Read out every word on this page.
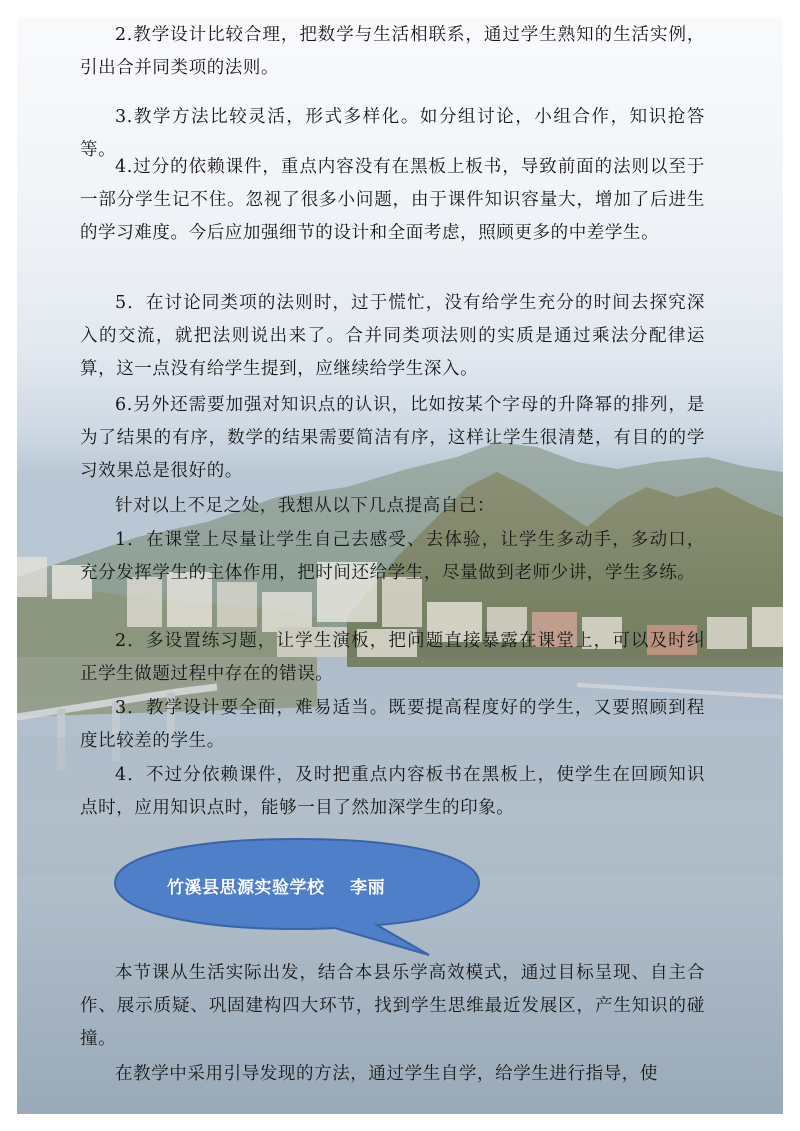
2.教学设计比较合理，把数学与生活相联系，通过学生熟知的生活实例，引出合并同类项的法则。

3.教学方法比较灵活，形式多样化。如分组讨论，小组合作，知识抢答等。

4.过分的依赖课件，重点内容没有在黑板上板书，导致前面的法则以至于一部分学生记不住。忽视了很多小问题，由于课件知识容量大，增加了后进生的学习难度。今后应加强细节的设计和全面考虑，照顾更多的中差学生。

5．在讨论同类项的法则时，过于慌忙，没有给学生充分的时间去探究深入的交流，就把法则说出来了。合并同类项法则的实质是通过乘法分配律运算，这一点没有给学生提到，应继续给学生深入。

6.另外还需要加强对知识点的认识，比如按某个字母的升降幂的排列，是为了结果的有序，数学的结果需要简洁有序，这样让学生很清楚，有目的的学习效果总是很好的。

针对以上不足之处，我想从以下几点提高自己：

1．在课堂上尽量让学生自己去感受、去体验，让学生多动手，多动口，充分发挥学生的主体作用，把时间还给学生，尽量做到老师少讲，学生多练。

2．多设置练习题，让学生演板，把问题直接暴露在课堂上，可以及时纠正学生做题过程中存在的错误。

3．教学设计要全面，难易适当。既要提高程度好的学生，又要照顾到程度比较差的学生。

4．不过分依赖课件，及时把重点内容板书在黑板上，使学生在回顾知识点时，应用知识点时，能够一目了然加深学生的印象。

竹溪县思源实验学校    李丽

本节课从生活实际出发，结合本县乐学高效模式，通过目标呈现、自主合作、展示质疑、巩固建构四大环节，找到学生思维最近发展区，产生知识的碰撞。

在教学中采用引导发现的方法，通过学生自学，给学生进行指导，使
